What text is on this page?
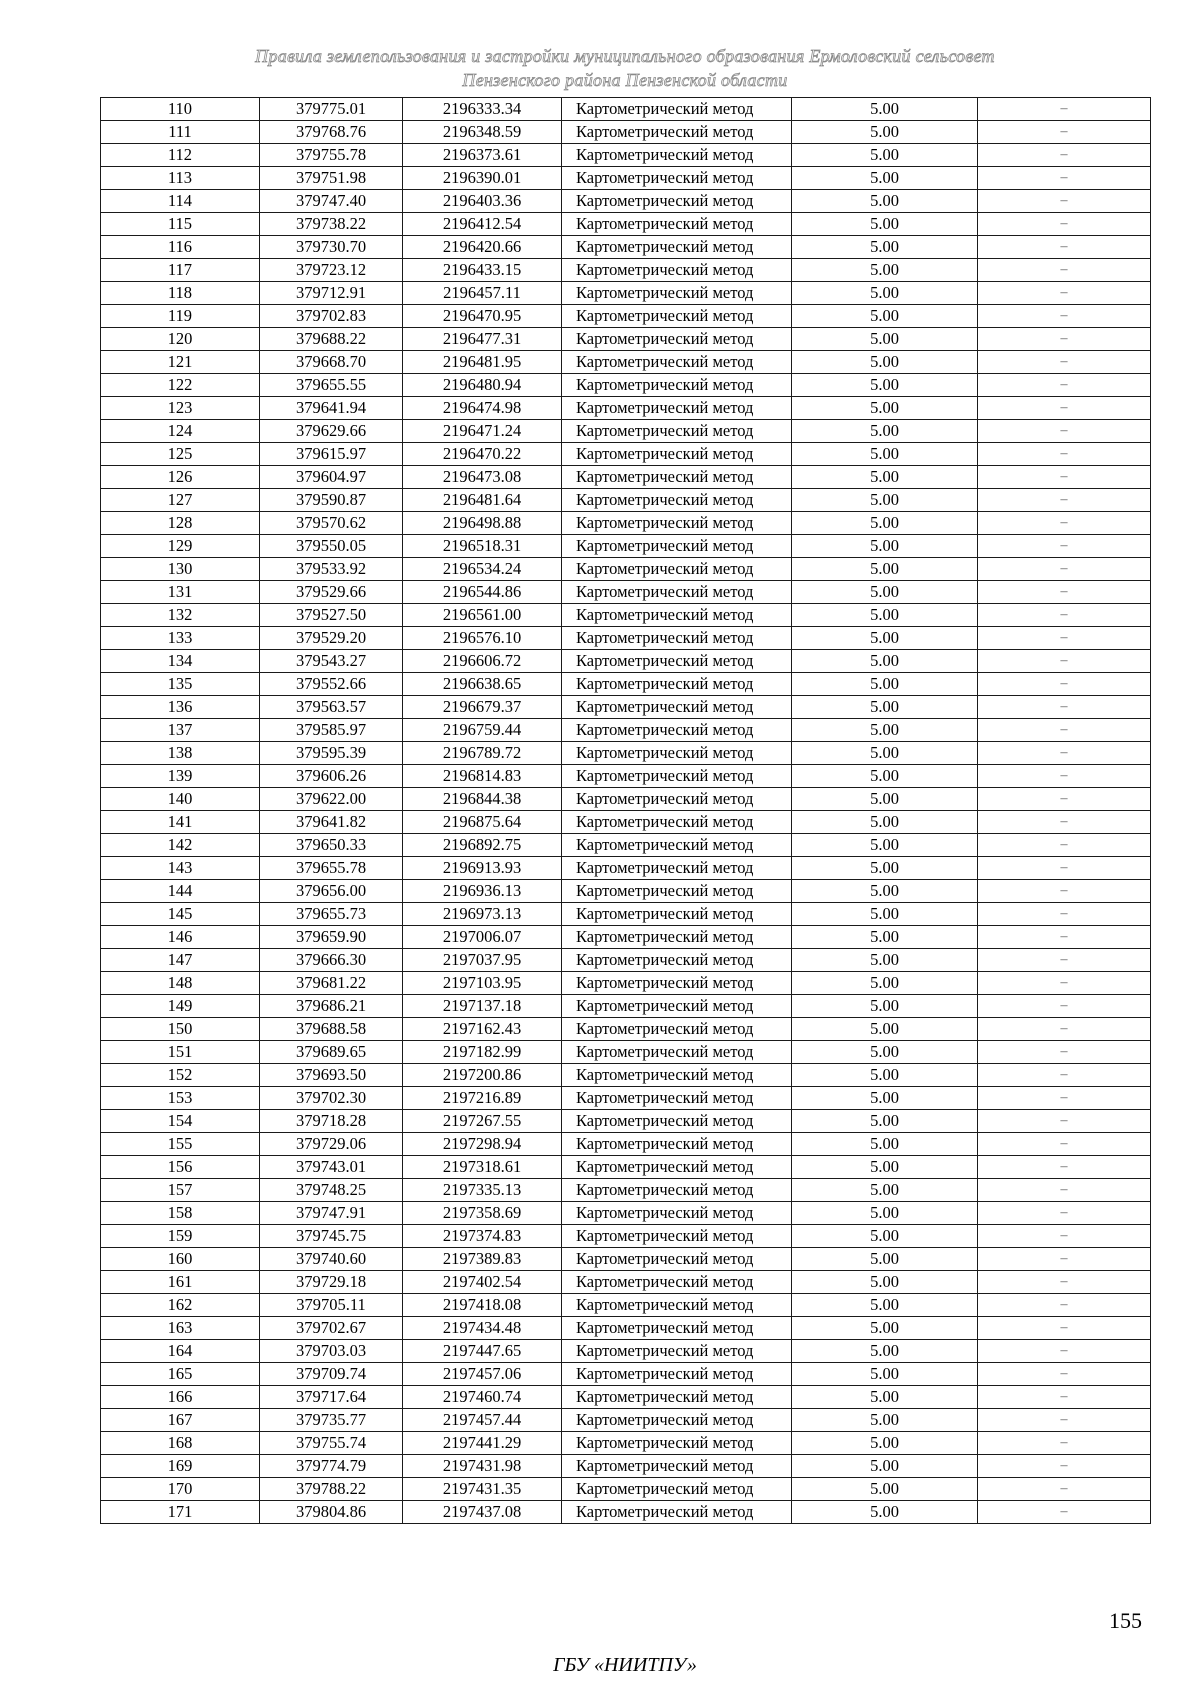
Правила землепользования и застройки муниципального образования Ермоловский сельсовет
Пензенского района Пензенской области
110	379775.01	2196333.34	Картометрический метод	5.00	–
111	379768.76	2196348.59	Картометрический метод	5.00	–
112	379755.78	2196373.61	Картометрический метод	5.00	–
113	379751.98	2196390.01	Картометрический метод	5.00	–
114	379747.40	2196403.36	Картометрический метод	5.00	–
115	379738.22	2196412.54	Картометрический метод	5.00	–
116	379730.70	2196420.66	Картометрический метод	5.00	–
117	379723.12	2196433.15	Картометрический метод	5.00	–
118	379712.91	2196457.11	Картометрический метод	5.00	–
119	379702.83	2196470.95	Картометрический метод	5.00	–
120	379688.22	2196477.31	Картометрический метод	5.00	–
121	379668.70	2196481.95	Картометрический метод	5.00	–
122	379655.55	2196480.94	Картометрический метод	5.00	–
123	379641.94	2196474.98	Картометрический метод	5.00	–
124	379629.66	2196471.24	Картометрический метод	5.00	–
125	379615.97	2196470.22	Картометрический метод	5.00	–
126	379604.97	2196473.08	Картометрический метод	5.00	–
127	379590.87	2196481.64	Картометрический метод	5.00	–
128	379570.62	2196498.88	Картометрический метод	5.00	–
129	379550.05	2196518.31	Картометрический метод	5.00	–
130	379533.92	2196534.24	Картометрический метод	5.00	–
131	379529.66	2196544.86	Картометрический метод	5.00	–
132	379527.50	2196561.00	Картометрический метод	5.00	–
133	379529.20	2196576.10	Картометрический метод	5.00	–
134	379543.27	2196606.72	Картометрический метод	5.00	–
135	379552.66	2196638.65	Картометрический метод	5.00	–
136	379563.57	2196679.37	Картометрический метод	5.00	–
137	379585.97	2196759.44	Картометрический метод	5.00	–
138	379595.39	2196789.72	Картометрический метод	5.00	–
139	379606.26	2196814.83	Картометрический метод	5.00	–
140	379622.00	2196844.38	Картометрический метод	5.00	–
141	379641.82	2196875.64	Картометрический метод	5.00	–
142	379650.33	2196892.75	Картометрический метод	5.00	–
143	379655.78	2196913.93	Картометрический метод	5.00	–
144	379656.00	2196936.13	Картометрический метод	5.00	–
145	379655.73	2196973.13	Картометрический метод	5.00	–
146	379659.90	2197006.07	Картометрический метод	5.00	–
147	379666.30	2197037.95	Картометрический метод	5.00	–
148	379681.22	2197103.95	Картометрический метод	5.00	–
149	379686.21	2197137.18	Картометрический метод	5.00	–
150	379688.58	2197162.43	Картометрический метод	5.00	–
151	379689.65	2197182.99	Картометрический метод	5.00	–
152	379693.50	2197200.86	Картометрический метод	5.00	–
153	379702.30	2197216.89	Картометрический метод	5.00	–
154	379718.28	2197267.55	Картометрический метод	5.00	–
155	379729.06	2197298.94	Картометрический метод	5.00	–
156	379743.01	2197318.61	Картометрический метод	5.00	–
157	379748.25	2197335.13	Картометрический метод	5.00	–
158	379747.91	2197358.69	Картометрический метод	5.00	–
159	379745.75	2197374.83	Картометрический метод	5.00	–
160	379740.60	2197389.83	Картометрический метод	5.00	–
161	379729.18	2197402.54	Картометрический метод	5.00	–
162	379705.11	2197418.08	Картометрический метод	5.00	–
163	379702.67	2197434.48	Картометрический метод	5.00	–
164	379703.03	2197447.65	Картометрический метод	5.00	–
165	379709.74	2197457.06	Картометрический метод	5.00	–
166	379717.64	2197460.74	Картометрический метод	5.00	–
167	379735.77	2197457.44	Картометрический метод	5.00	–
168	379755.74	2197441.29	Картометрический метод	5.00	–
169	379774.79	2197431.98	Картометрический метод	5.00	–
170	379788.22	2197431.35	Картометрический метод	5.00	–
171	379804.86	2197437.08	Картометрический метод	5.00	–
155
ГБУ «НИИТПУ»
